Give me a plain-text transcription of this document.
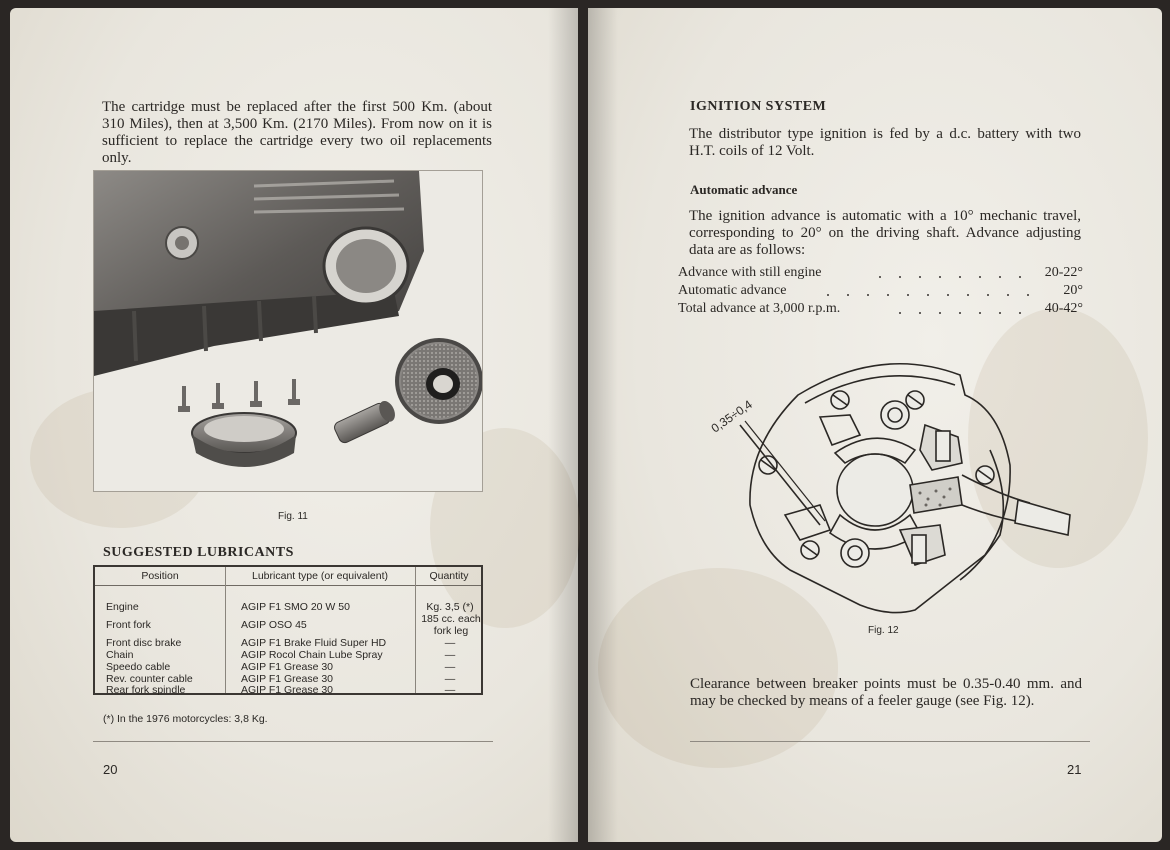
The cartridge must be replaced after the first 500 Km. (about 310 Miles), then at 3,500 Km. (2170 Miles). From now on it is sufficient to replace the cartridge every two oil replacements only.

Fig. 11

SUGGESTED LUBRICANTS

Position	Lubricant type (or equivalent)	Quantity

Engine	AGIP F1 SMO 20 W 50	Kg. 3,5 (*)

Front fork	AGIP OSO 45	185 cc. each fork leg

Front disc brake	AGIP F1 Brake Fluid Super HD	—

Chain	AGIP Rocol Chain Lube Spray	—

Speedo cable	AGIP F1 Grease 30	—

Rev. counter cable	AGIP F1 Grease 30	—

Rear fork spindle	AGIP F1 Grease 30	—

(*) In the 1976 motorcycles: 3,8 Kg.

20

IGNITION SYSTEM

The distributor type ignition is fed by a d.c. battery with two H.T. coils of 12 Volt.

Automatic advance

The ignition advance is automatic with a 10° mechanic travel, corresponding to 20° on the driving shaft. Advance adjusting data are as follows:

Advance with still engine	20-22°
Automatic advance	20°
Total advance at 3,000 r.p.m.	40-42°
0,35÷0,4

Fig. 12

Clearance between breaker points must be 0.35-0.40 mm. and may be checked by means of a feeler gauge (see Fig. 12).

21
